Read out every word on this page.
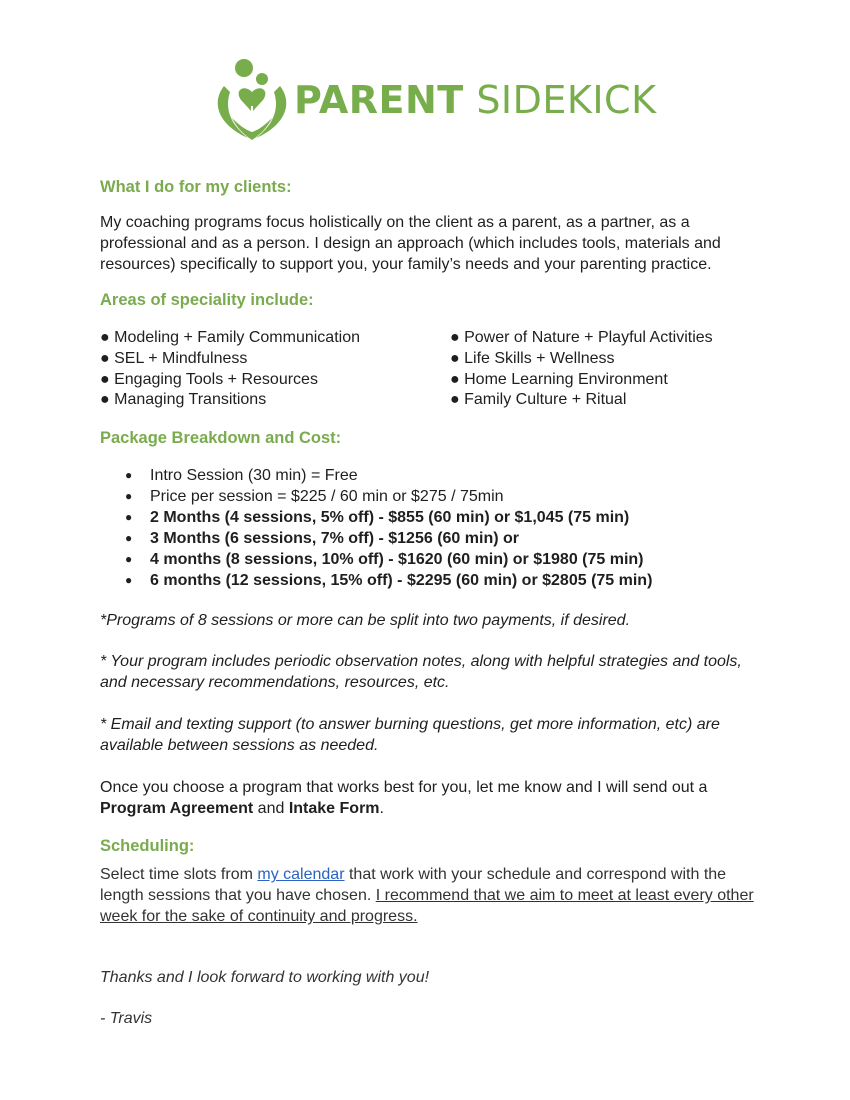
PARENT SIDEKICK
What I do for my clients:

My coaching programs focus holistically on the client as a parent, as a partner, as a professional and as a person. I design an approach (which includes tools, materials and resources) specifically to support you, your family’s needs and your parenting practice.

Areas of speciality include:
● Modeling + Family Communication
● SEL + Mindfulness
● Engaging Tools + Resources
● Managing Transitions
● Power of Nature + Playful Activities
● Life Skills + Wellness
● Home Learning Environment
● Family Culture + Ritual
Package Breakdown and Cost:
● Intro Session (30 min) = Free
● Price per session = $225 / 60 min or $275 / 75min
● 2 Months (4 sessions, 5% off) - $855 (60 min) or $1,045 (75 min)
● 3 Months (6 sessions, 7% off) - $1256 (60 min) or
● 4 months (8 sessions, 10% off) - $1620 (60 min) or $1980 (75 min)
● 6 months (12 sessions, 15% off) - $2295 (60 min) or $2805 (75 min)

*Programs of 8 sessions or more can be split into two payments, if desired.

* Your program includes periodic observation notes, along with helpful strategies and tools, and necessary recommendations, resources, etc.

* Email and texting support (to answer burning questions, get more information, etc) are available between sessions as needed.

Once you choose a program that works best for you, let me know and I will send out a Program Agreement and Intake Form.

Scheduling:

Select time slots from my calendar that work with your schedule and correspond with the length sessions that you have chosen. I recommend that we aim to meet at least every other week for the sake of continuity and progress.

Thanks and I look forward to working with you!

- Travis
